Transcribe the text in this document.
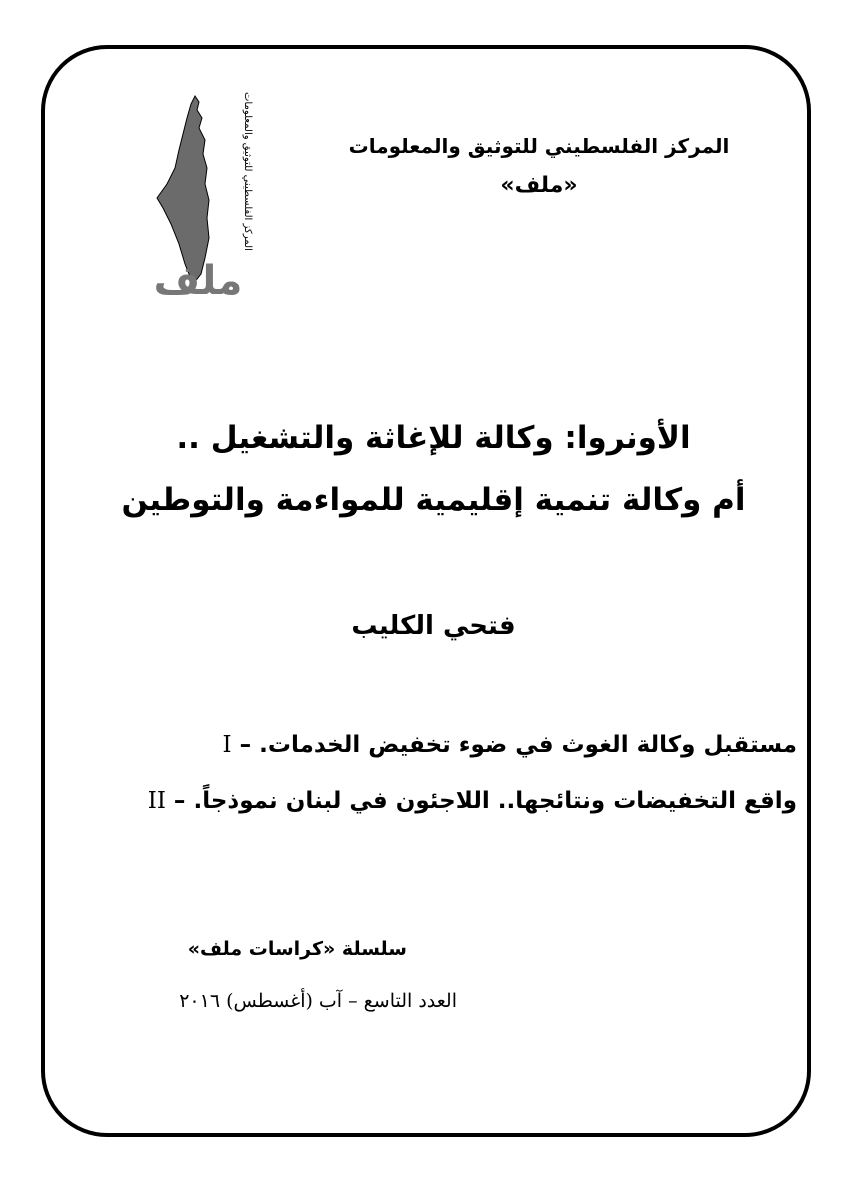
المركز الفلسطيني للتوثيق والمعلومات
ملف
المركز الفلسطيني للتوثيق والمعلومات
«ملف»
الأونروا: وكالة للإغاثة والتشغيل ..
أم وكالة تنمية إقليمية للمواءمة والتوطين
فتحي الكليب
مستقبل وكالة الغوث في ضوء تخفيض الخدمات. – I
واقع التخفيضات ونتائجها.. اللاجئون في لبنان نموذجاً. – II
سلسلة «كراسات ملف»
العدد التاسع – آب (أغسطس) ٢٠١٦
